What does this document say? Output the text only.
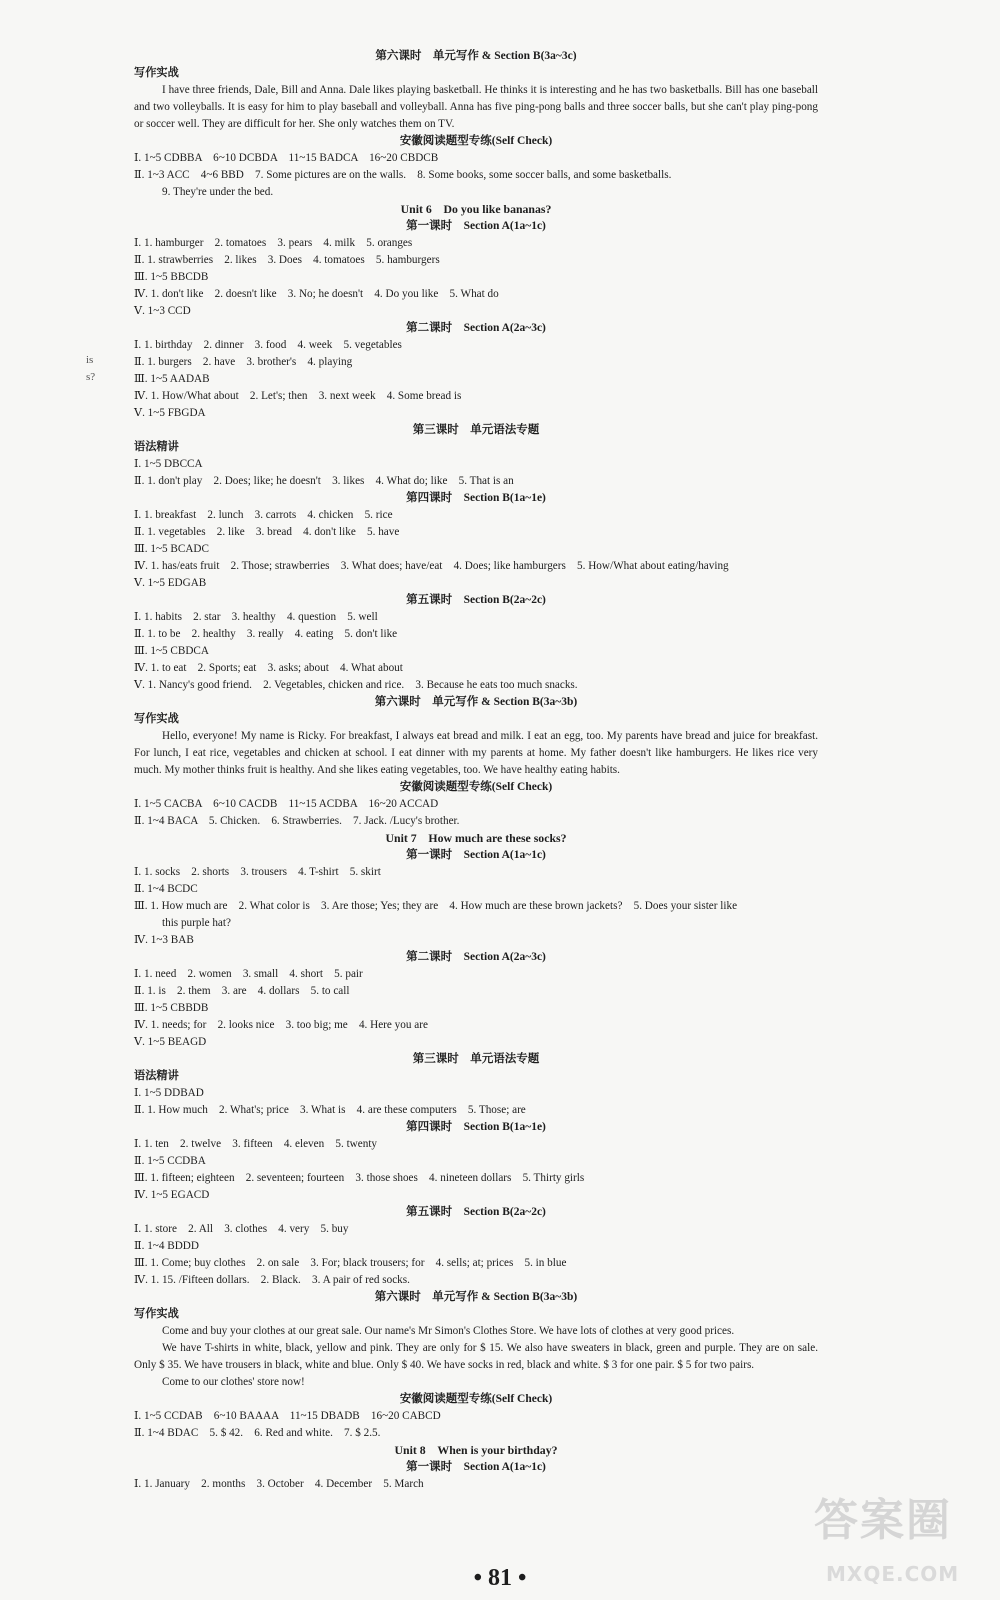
第六课时　单元写作 & Section B(3a~3c)
写作实战
I have three friends, Dale, Bill and Anna. Dale likes playing basketball. He thinks it is interesting and he has two basketballs. Bill has one baseball and two volleyballs. It is easy for him to play baseball and volleyball. Anna has five ping-pong balls and three soccer balls, but she can't play ping-pong or soccer well. They are difficult for her. She only watches them on TV.
安徽阅读题型专练(Self Check)
Ⅰ. 1~5 CDBBA　6~10 DCBDA　11~15 BADCA　16~20 CBDCB
Ⅱ. 1~3 ACC　4~6 BBD　7. Some pictures are on the walls.　8. Some books, some soccer balls, and some basketballs.
9. They're under the bed.
Unit 6　Do you like bananas?
第一课时　Section A(1a~1c)
Ⅰ. 1. hamburger　2. tomatoes　3. pears　4. milk　5. oranges
Ⅱ. 1. strawberries　2. likes　3. Does　4. tomatoes　5. hamburgers
Ⅲ. 1~5 BBCDB
Ⅳ. 1. don't like　2. doesn't like　3. No; he doesn't　4. Do you like　5. What do
Ⅴ. 1~3 CCD
第二课时　Section A(2a~3c)
Ⅰ. 1. birthday　2. dinner　3. food　4. week　5. vegetables
Ⅱ. 1. burgers　2. have　3. brother's　4. playing
Ⅲ. 1~5 AADAB
Ⅳ. 1. How/What about　2. Let's; then　3. next week　4. Some bread is
Ⅴ. 1~5 FBGDA
第三课时　单元语法专题
语法精讲
Ⅰ. 1~5 DBCCA
Ⅱ. 1. don't play　2. Does; like; he doesn't　3. likes　4. What do; like　5. That is an
第四课时　Section B(1a~1e)
Ⅰ. 1. breakfast　2. lunch　3. carrots　4. chicken　5. rice
Ⅱ. 1. vegetables　2. like　3. bread　4. don't like　5. have
Ⅲ. 1~5 BCADC
Ⅳ. 1. has/eats fruit　2. Those; strawberries　3. What does; have/eat　4. Does; like hamburgers　5. How/What about eating/having
Ⅴ. 1~5 EDGAB
第五课时　Section B(2a~2c)
Ⅰ. 1. habits　2. star　3. healthy　4. question　5. well
Ⅱ. 1. to be　2. healthy　3. really　4. eating　5. don't like
Ⅲ. 1~5 CBDCA
Ⅳ. 1. to eat　2. Sports; eat　3. asks; about　4. What about
Ⅴ. 1. Nancy's good friend.　2. Vegetables, chicken and rice.　3. Because he eats too much snacks.
第六课时　单元写作 & Section B(3a~3b)
写作实战
Hello, everyone! My name is Ricky. For breakfast, I always eat bread and milk. I eat an egg, too. My parents have bread and juice for breakfast. For lunch, I eat rice, vegetables and chicken at school. I eat dinner with my parents at home. My father doesn't like hamburgers. He likes rice very much. My mother thinks fruit is healthy. And she likes eating vegetables, too. We have healthy eating habits.
安徽阅读题型专练(Self Check)
Ⅰ. 1~5 CACBA　6~10 CACDB　11~15 ACDBA　16~20 ACCAD
Ⅱ. 1~4 BACA　5. Chicken.　6. Strawberries.　7. Jack. /Lucy's brother.
Unit 7　How much are these socks?
第一课时　Section A(1a~1c)
Ⅰ. 1. socks　2. shorts　3. trousers　4. T-shirt　5. skirt
Ⅱ. 1~4 BCDC
Ⅲ. 1. How much are　2. What color is　3. Are those; Yes; they are　4. How much are these brown jackets?　5. Does your sister like
this purple hat?
Ⅳ. 1~3 BAB
第二课时　Section A(2a~3c)
Ⅰ. 1. need　2. women　3. small　4. short　5. pair
Ⅱ. 1. is　2. them　3. are　4. dollars　5. to call
Ⅲ. 1~5 CBBDB
Ⅳ. 1. needs; for　2. looks nice　3. too big; me　4. Here you are
Ⅴ. 1~5 BEAGD
第三课时　单元语法专题
语法精讲
Ⅰ. 1~5 DDBAD
Ⅱ. 1. How much　2. What's; price　3. What is　4. are these computers　5. Those; are
第四课时　Section B(1a~1e)
Ⅰ. 1. ten　2. twelve　3. fifteen　4. eleven　5. twenty
Ⅱ. 1~5 CCDBA
Ⅲ. 1. fifteen; eighteen　2. seventeen; fourteen　3. those shoes　4. nineteen dollars　5. Thirty girls
Ⅳ. 1~5 EGACD
第五课时　Section B(2a~2c)
Ⅰ. 1. store　2. All　3. clothes　4. very　5. buy
Ⅱ. 1~4 BDDD
Ⅲ. 1. Come; buy clothes　2. on sale　3. For; black trousers; for　4. sells; at; prices　5. in blue
Ⅳ. 1. 15. /Fifteen dollars.　2. Black.　3. A pair of red socks.
第六课时　单元写作 & Section B(3a~3b)
写作实战
Come and buy your clothes at our great sale. Our name's Mr Simon's Clothes Store. We have lots of clothes at very good prices.
We have T-shirts in white, black, yellow and pink. They are only for $ 15. We also have sweaters in black, green and purple. They are on sale. Only $ 35. We have trousers in black, white and blue. Only $ 40. We have socks in red, black and white. $ 3 for one pair. $ 5 for two pairs.
Come to our clothes' store now!
安徽阅读题型专练(Self Check)
Ⅰ. 1~5 CCDAB　6~10 BAAAA　11~15 DBADB　16~20 CABCD
Ⅱ. 1~4 BDAC　5. $ 42.　6. Red and white.　7. $ 2.5.
Unit 8　When is your birthday?
第一课时　Section A(1a~1c)
Ⅰ. 1. January　2. months　3. October　4. December　5. March
is
s?
• 81 •
答案圈
MXQE.COM
